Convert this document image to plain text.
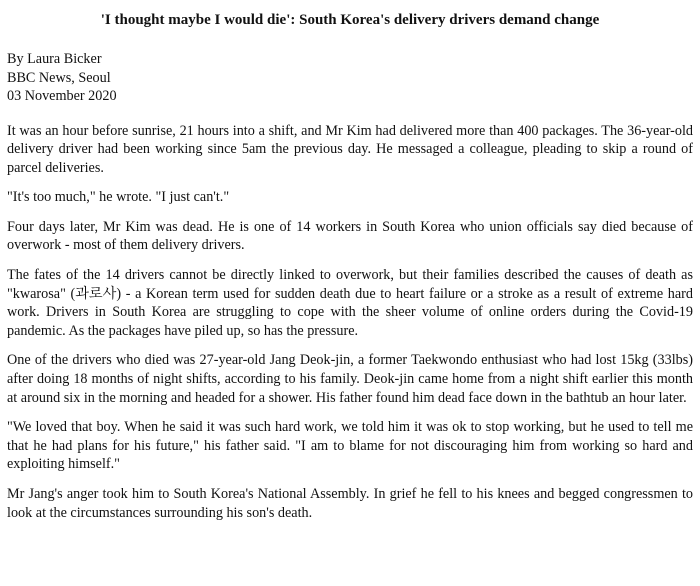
'I thought maybe I would die': South Korea's delivery drivers demand change
By Laura Bicker
BBC News, Seoul
03 November 2020

It was an hour before sunrise, 21 hours into a shift, and Mr Kim had delivered more than 400 packages. The 36-year-old delivery driver had been working since 5am the previous day. He messaged a colleague, pleading to skip a round of parcel deliveries.

"It's too much," he wrote. "I just can't."

Four days later, Mr Kim was dead. He is one of 14 workers in South Korea who union officials say died because of overwork - most of them delivery drivers.

The fates of the 14 drivers cannot be directly linked to overwork, but their families described the causes of death as "kwarosa" (과로사) - a Korean term used for sudden death due to heart failure or a stroke as a result of extreme hard work. Drivers in South Korea are struggling to cope with the sheer volume of online orders during the Covid-19 pandemic. As the packages have piled up, so has the pressure.

One of the drivers who died was 27-year-old Jang Deok-jin, a former Taekwondo enthusiast who had lost 15kg (33lbs) after doing 18 months of night shifts, according to his family. Deok-jin came home from a night shift earlier this month at around six in the morning and headed for a shower. His father found him dead face down in the bathtub an hour later.

"We loved that boy. When he said it was such hard work, we told him it was ok to stop working, but he used to tell me that he had plans for his future," his father said. "I am to blame for not discouraging him from working so hard and exploiting himself."

Mr Jang's anger took him to South Korea's National Assembly. In grief he fell to his knees and begged congressmen to look at the circumstances surrounding his son's death.
